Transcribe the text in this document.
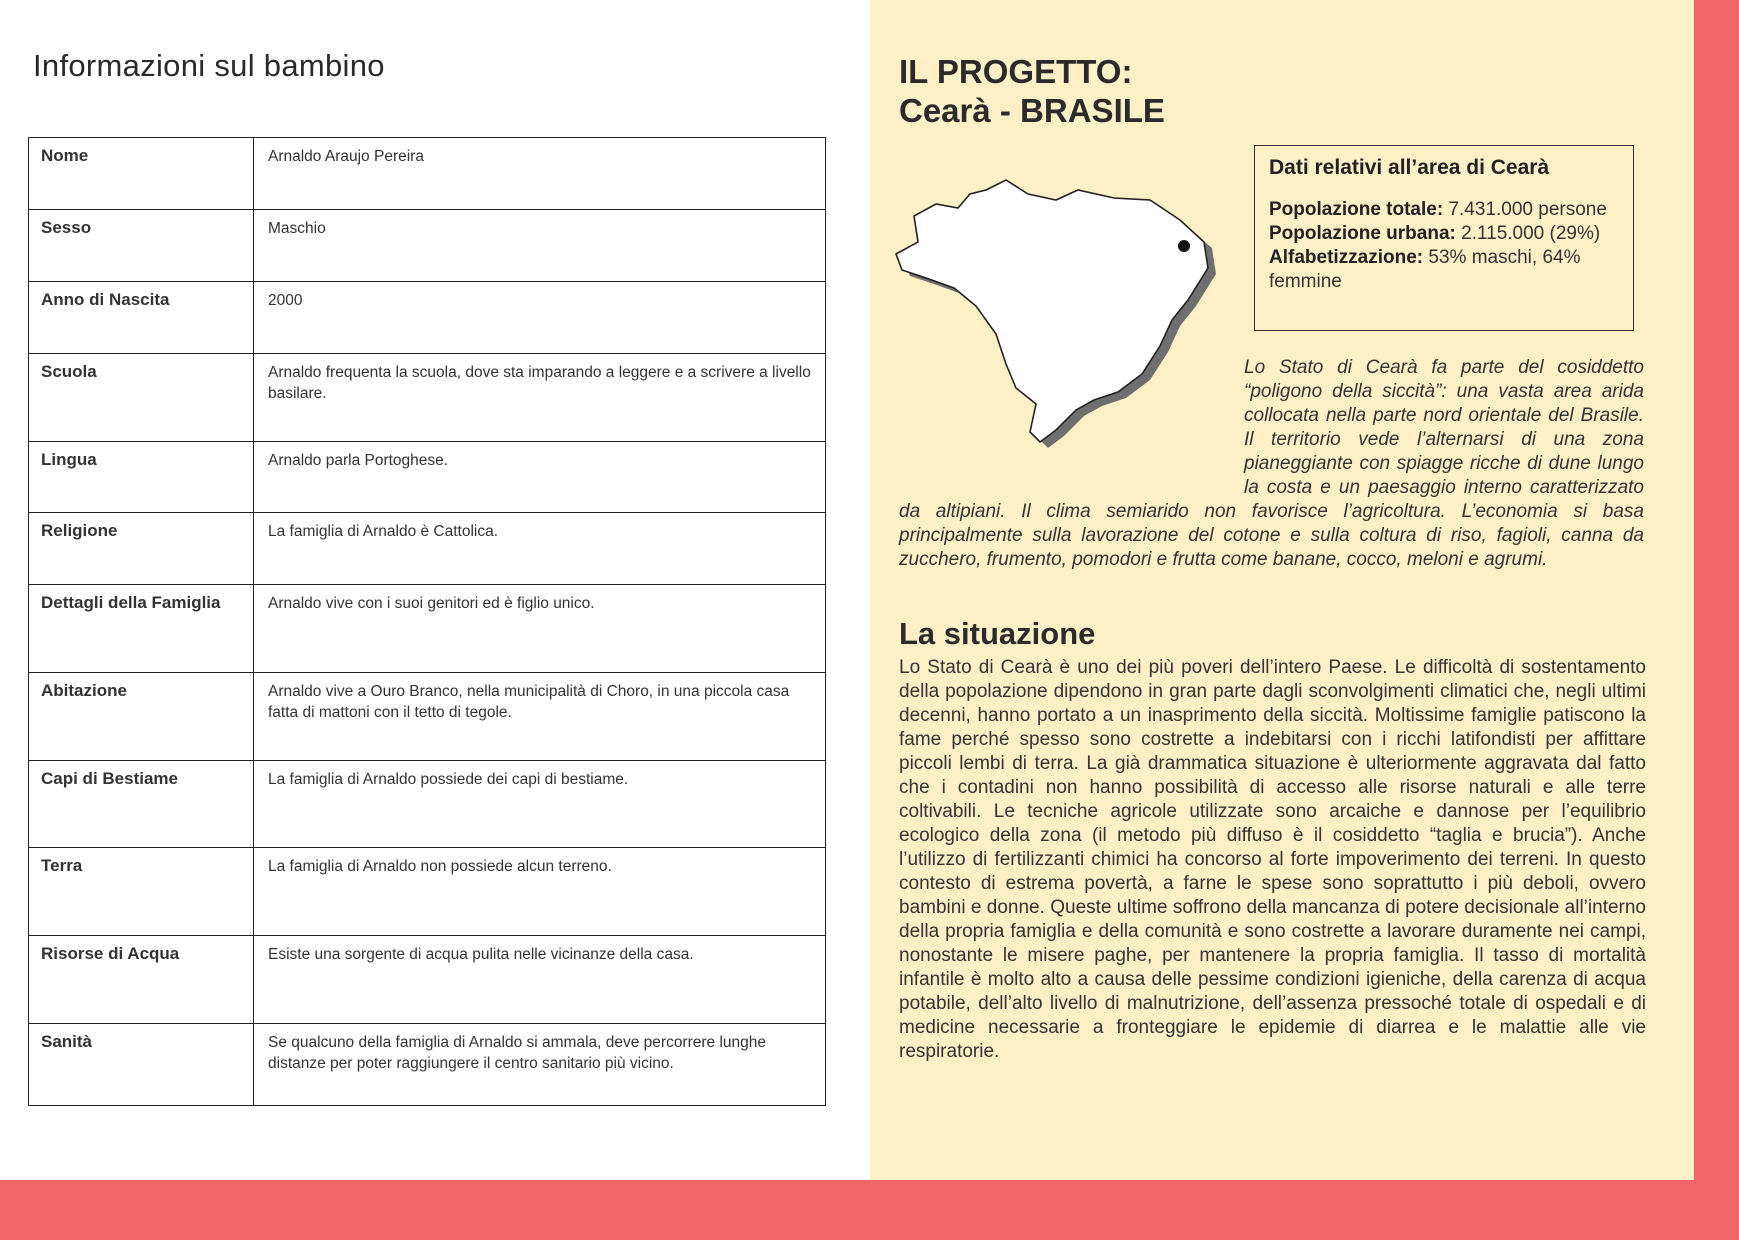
Informazioni sul bambino
Nome	Arnaldo Araujo Pereira
Sesso	Maschio
Anno di Nascita	2000
Scuola	Arnaldo frequenta la scuola, dove sta imparando a leggere e a scrivere a livello basilare.
Lingua	Arnaldo parla Portoghese.
Religione	La famiglia di Arnaldo è Cattolica.
Dettagli della Famiglia	Arnaldo vive con i suoi genitori ed è figlio unico.
Abitazione	Arnaldo vive a Ouro Branco, nella municipalità di Choro, in una piccola casa fatta di mattoni con il tetto di tegole.
Capi di Bestiame	La famiglia di Arnaldo possiede dei capi di bestiame.
Terra	La famiglia di Arnaldo non possiede alcun terreno.
Risorse di Acqua	Esiste una sorgente di acqua pulita nelle vicinanze della casa.
Sanità	Se qualcuno della famiglia di Arnaldo si ammala, deve percorrere lunghe distanze per poter raggiungere il centro sanitario più vicino.
IL PROGETTO:
Cearà - BRASILE
Dati relativi all’area di Cearà

Popolazione totale: 7.431.000 persone
Popolazione urbana: 2.115.000 (29%)
Alfabetizzazione: 53% maschi, 64% femmine

Lo Stato di Cearà fa parte del cosiddetto “poligono della siccità”: una vasta area arida collocata nella parte nord orientale del Brasile. Il territorio vede l’alternarsi di una zona pianeggiante con spiagge ricche di dune lungo la costa e un paesaggio interno caratterizzato da altipiani. Il clima semiarido non favorisce l’agricoltura. L’economia si basa principalmente sulla lavorazione del cotone e sulla coltura di riso, fagioli, canna da zucchero, frumento, pomodori e frutta come banane, cocco, meloni e agrumi.

La situazione

Lo Stato di Cearà è uno dei più poveri dell’intero Paese. Le difficoltà di sostentamento della popolazione dipendono in gran parte dagli sconvolgimenti climatici che, negli ultimi decenni, hanno portato a un inasprimento della siccità. Moltissime famiglie patiscono la fame perché spesso sono costrette a indebitarsi con i ricchi latifondisti per affittare piccoli lembi di terra. La già drammatica situazione è ulteriormente aggravata dal fatto che i contadini non hanno possibilità di accesso alle risorse naturali e alle terre coltivabili. Le tecniche agricole utilizzate sono arcaiche e dannose per l’equilibrio ecologico della zona (il metodo più diffuso è il cosiddetto “taglia e brucia”). Anche l’utilizzo di fertilizzanti chimici ha concorso al forte impoverimento dei terreni. In questo contesto di estrema povertà, a farne le spese sono soprattutto i più deboli, ovvero bambini e donne. Queste ultime soffrono della mancanza di potere decisionale all’interno della propria famiglia e della comunità e sono costrette a lavorare duramente nei campi, nonostante le misere paghe, per mantenere la propria famiglia. Il tasso di mortalità infantile è molto alto a causa delle pessime condizioni igieniche, della carenza di acqua potabile, dell’alto livello di malnutrizione, dell’assenza pressoché totale di ospedali e di medicine necessarie a fronteggiare le epidemie di diarrea e le malattie alle vie respiratorie.
